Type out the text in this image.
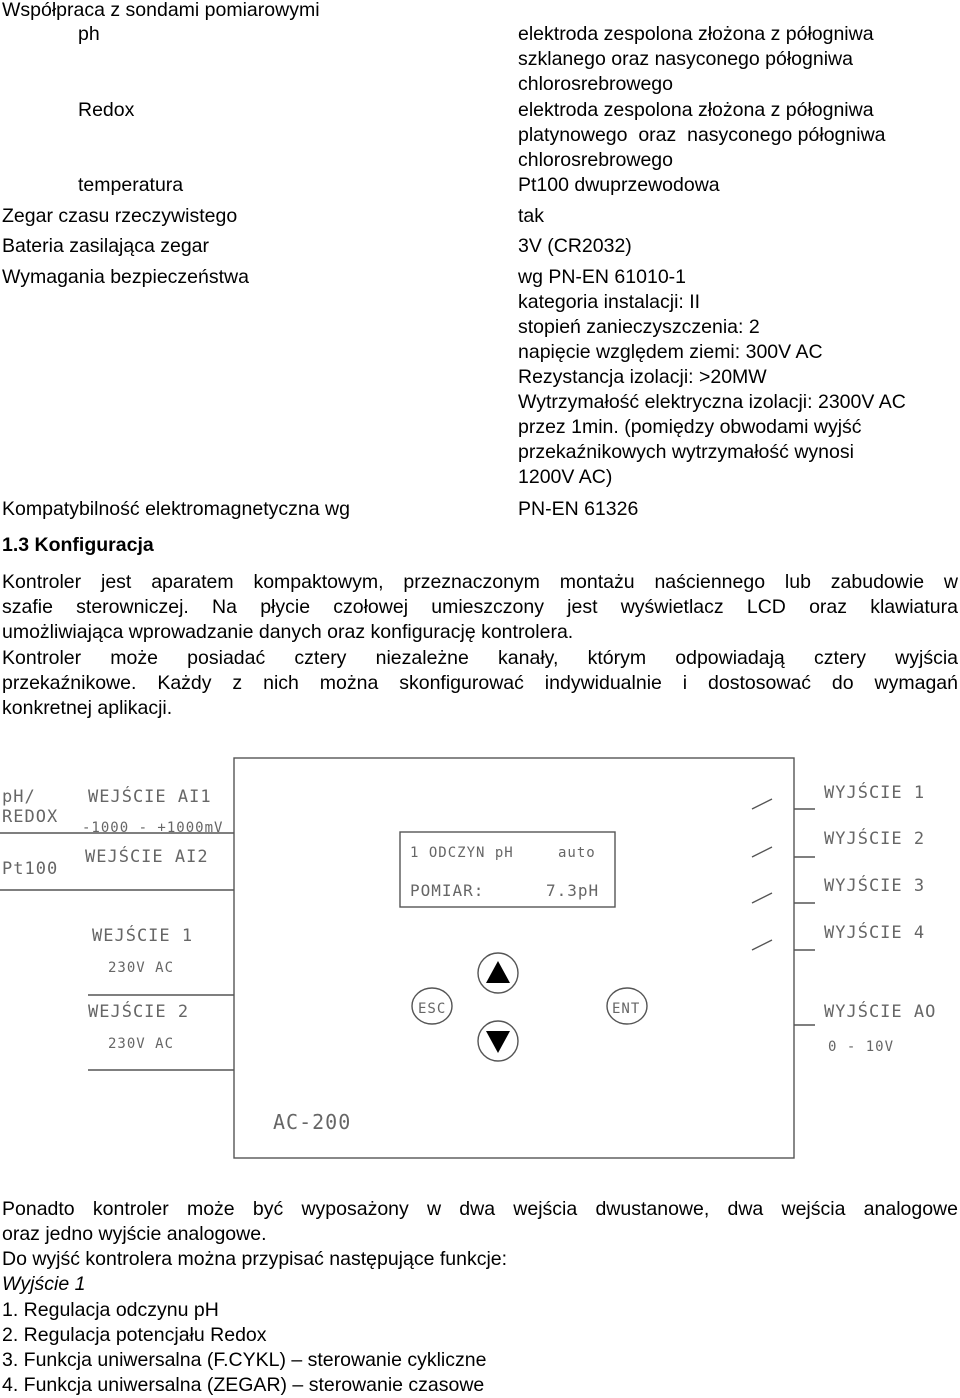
Współpraca z sondami pomiarowymi
ph	elektroda zespolona złożona z półogniwa
szklanego oraz nasyconego półogniwa
chlorosrebrowego
Redox	elektroda zespolona złożona z półogniwa
platynowego  oraz  nasyconego półogniwa
chlorosrebrowego
temperatura	Pt100 dwuprzewodowa
Zegar czasu rzeczywistego	tak
Bateria zasilająca zegar	3V (CR2032)
Wymagania bezpieczeństwa	wg PN-EN 61010-1
kategoria instalacji: II
stopień zanieczyszczenia: 2
napięcie względem ziemi: 300V AC
Rezystancja izolacji: >20MW
Wytrzymałość elektryczna izolacji: 2300V AC
przez 1min. (pomiędzy obwodami wyjść
przekaźnikowych wytrzymałość wynosi
1200V AC)
Kompatybilność elektromagnetyczna wg	PN-EN 61326
1.3 Konfiguracja
Kontroler jest aparatem kompaktowym, przeznaczonym montażu naściennego lub zabudowie w
szafie sterowniczej. Na płycie czołowej umieszczony jest wyświetlacz LCD oraz klawiatura
umożliwiająca wprowadzanie danych oraz konfigurację kontrolera.
Kontroler może posiadać cztery niezależne kanały, którym odpowiadają cztery wyjścia
przekaźnikowe. Każdy z nich można skonfigurować indywidualnie i dostosować do wymagań
konkretnej aplikacji.
pH/
REDOX
Pt100
WEJŚCIE AI1
-1000 - +1000mV
WEJŚCIE AI2
WEJŚCIE 1
230V AC
WEJŚCIE 2
230V AC
1 ODCZYN pH	auto
POMIAR:	7.3pH
ESC	ENT
AC-200
WYJŚCIE 1
WYJŚCIE 2
WYJŚCIE 3
WYJŚCIE 4
WYJŚCIE AO
0 - 10V
Ponadto kontroler może być wyposażony w dwa wejścia dwustanowe, dwa wejścia analogowe
oraz jedno wyjście analogowe.
Do wyjść kontrolera można przypisać następujące funkcje:
Wyjście 1
1. Regulacja odczynu pH
2. Regulacja potencjału Redox
3. Funkcja uniwersalna (F.CYKL) – sterowanie cykliczne
4. Funkcja uniwersalna (ZEGAR) – sterowanie czasowe
